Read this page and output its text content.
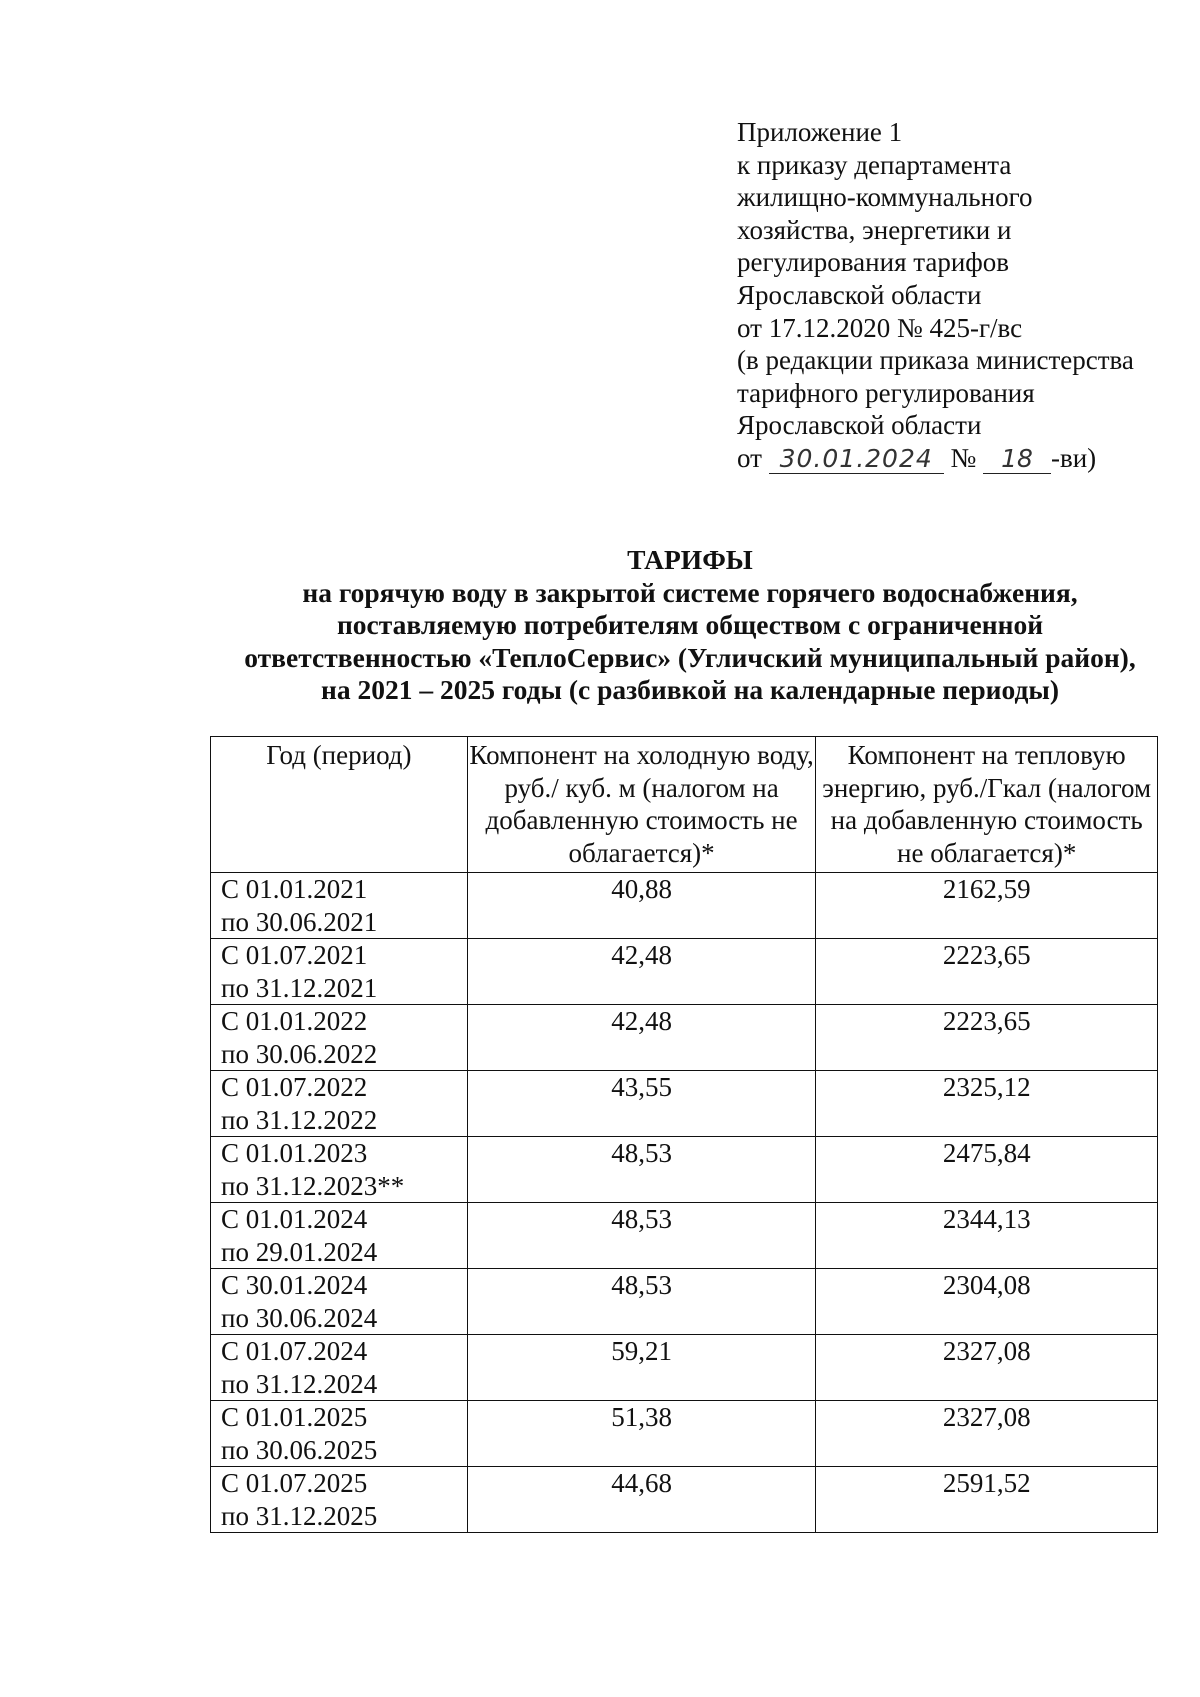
Приложение 1
к приказу департамента
жилищно-коммунального
хозяйства, энергетики и
регулирования тарифов
Ярославской области
от 17.12.2020 № 425-г/вс
(в редакции приказа министерства
тарифного регулирования
Ярославской области
от 30.01.2024 № 18 -ви)
ТАРИФЫ
на горячую воду в закрытой системе горячего водоснабжения,
поставляемую потребителям обществом с ограниченной
ответственностью «ТеплоСервис» (Угличский муниципальный район),
на 2021 – 2025 годы (с разбивкой на календарные периоды)
Год (период)	Компонент на холодную воду, руб./ куб. м (налогом на добавленную стоимость не облагается)*	Компонент на тепловую энергию, руб./Гкал (налогом на добавленную стоимость не облагается)*

С 01.01.2021
по 30.06.2021	40,88	2162,59

С 01.07.2021
по 31.12.2021	42,48	2223,65

С 01.01.2022
по 30.06.2022	42,48	2223,65

С 01.07.2022
по 31.12.2022	43,55	2325,12

С 01.01.2023
по 31.12.2023**	48,53	2475,84

С 01.01.2024
по 29.01.2024	48,53	2344,13

С 30.01.2024
по 30.06.2024	48,53	2304,08

С 01.07.2024
по 31.12.2024	59,21	2327,08

С 01.01.2025
по 30.06.2025	51,38	2327,08

С 01.07.2025
по 31.12.2025	44,68	2591,52
